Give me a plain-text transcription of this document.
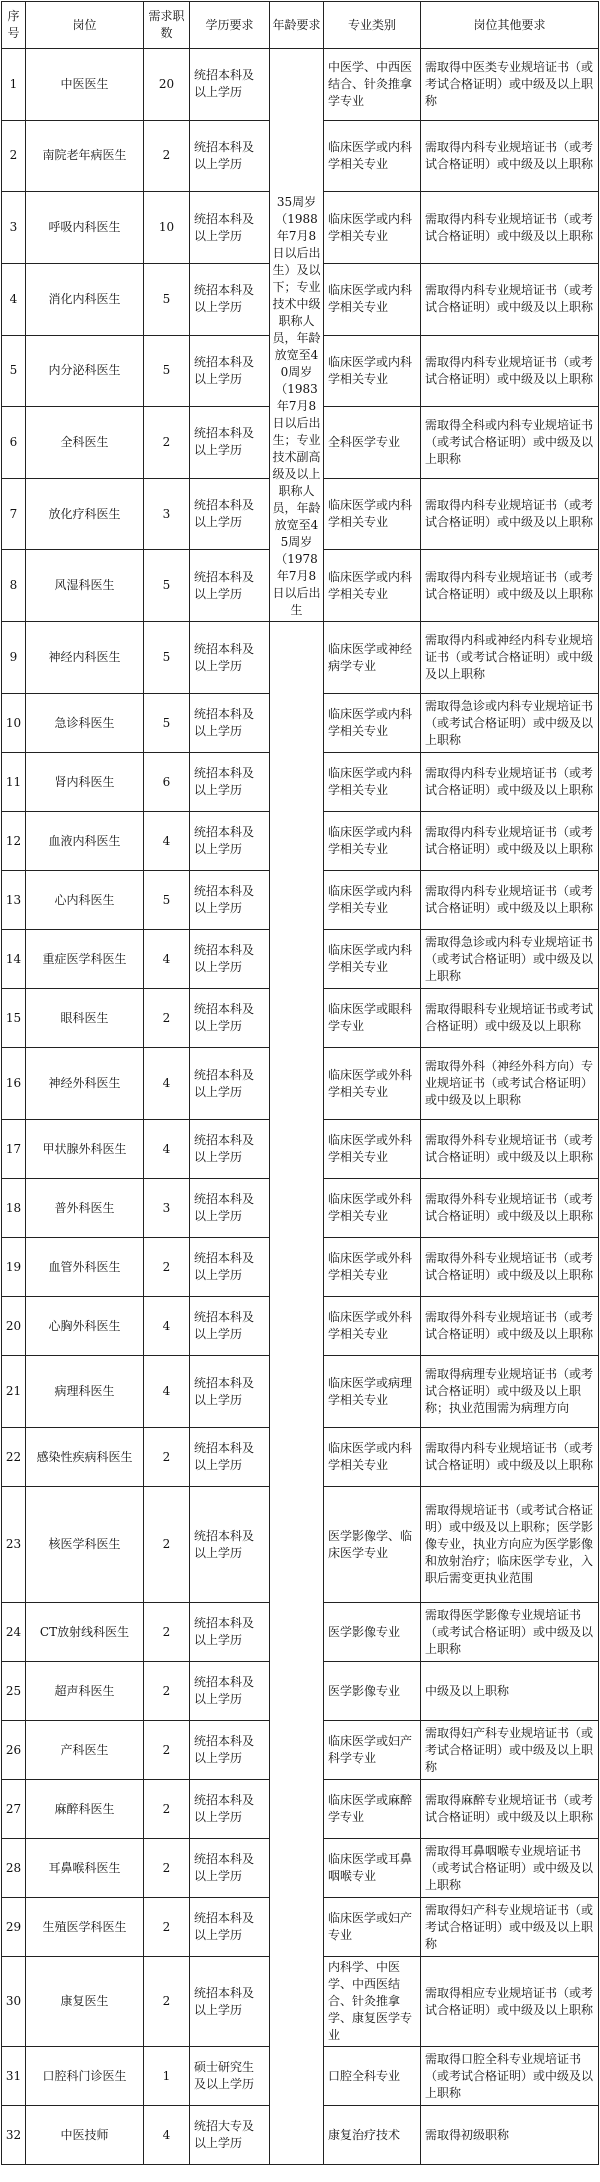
序号	岗位	需求职数	学历要求	年龄要求	专业类别	岗位其他要求
1	中医医生	20	统招本科及以上学历	35周岁（1988年7月8日以后出生）及以下；专业技术中级职称人员，年龄放宽至40周岁（1983年7月8日以后出生；专业技术副高级及以上职称人员，年龄放宽至45周岁（1978年7月8日以后出生	中医学、中西医结合、针灸推拿学专业	需取得中医类专业规培证书（或考试合格证明）或中级及以上职称
2	南院老年病医生	2	统招本科及以上学历		临床医学或内科学相关专业	需取得内科专业规培证书（或考试合格证明）或中级及以上职称
3	呼吸内科医生	10	统招本科及以上学历		临床医学或内科学相关专业	需取得内科专业规培证书（或考试合格证明）或中级及以上职称
4	消化内科医生	5	统招本科及以上学历		临床医学或内科学相关专业	需取得内科专业规培证书（或考试合格证明）或中级及以上职称
5	内分泌科医生	5	统招本科及以上学历		临床医学或内科学相关专业	需取得内科专业规培证书（或考试合格证明）或中级及以上职称
6	全科医生	2	统招本科及以上学历		全科医学专业	需取得全科或内科专业规培证书（或考试合格证明）或中级及以上职称
7	放化疗科医生	3	统招本科及以上学历		临床医学或内科学相关专业	需取得内科专业规培证书（或考试合格证明）或中级及以上职称
8	风湿科医生	5	统招本科及以上学历		临床医学或内科学相关专业	需取得内科专业规培证书（或考试合格证明）或中级及以上职称
9	神经内科医生	5	统招本科及以上学历		临床医学或神经病学专业	需取得内科或神经内科专业规培证书（或考试合格证明）或中级及以上职称
10	急诊科医生	5	统招本科及以上学历		临床医学或内科学相关专业	需取得急诊或内科专业规培证书（或考试合格证明）或中级及以上职称
11	肾内科医生	6	统招本科及以上学历		临床医学或内科学相关专业	需取得内科专业规培证书（或考试合格证明）或中级及以上职称
12	血液内科医生	4	统招本科及以上学历		临床医学或内科学相关专业	需取得内科专业规培证书（或考试合格证明）或中级及以上职称
13	心内科医生	5	统招本科及以上学历		临床医学或内科学相关专业	需取得内科专业规培证书（或考试合格证明）或中级及以上职称
14	重症医学科医生	4	统招本科及以上学历		临床医学或内科学相关专业	需取得急诊或内科专业规培证书（或考试合格证明）或中级及以上职称
15	眼科医生	2	统招本科及以上学历		临床医学或眼科学专业	需取得眼科专业规培证书或考试合格证明）或中级及以上职称
16	神经外科医生	4	统招本科及以上学历		临床医学或外科学相关专业	需取得外科（神经外科方向）专业规培证书（或考试合格证明）或中级及以上职称
17	甲状腺外科医生	4	统招本科及以上学历		临床医学或外科学相关专业	需取得外科专业规培证书（或考试合格证明）或中级及以上职称
18	普外科医生	3	统招本科及以上学历		临床医学或外科学相关专业	需取得外科专业规培证书（或考试合格证明）或中级及以上职称
19	血管外科医生	2	统招本科及以上学历		临床医学或外科学相关专业	需取得外科专业规培证书（或考试合格证明）或中级及以上职称
20	心胸外科医生	4	统招本科及以上学历		临床医学或外科学相关专业	需取得外科专业规培证书（或考试合格证明）或中级及以上职称
21	病理科医生	4	统招本科及以上学历		临床医学或病理学相关专业	需取得病理专业规培证书（或考试合格证明）或中级及以上职称；执业范围需为病理方向
22	感染性疾病科医生	2	统招本科及以上学历		临床医学或内科学相关专业	需取得内科专业规培证书（或考试合格证明）或中级及以上职称
23	核医学科医生	2	统招本科及以上学历		医学影像学、临床医学专业	需取得规培证书（或考试合格证明）或中级及以上职称；医学影像专业，执业方向应为医学影像和放射治疗；临床医学专业，入职后需变更执业范围
24	CT放射线科医生	2	统招本科及以上学历		医学影像专业	需取得医学影像专业规培证书（或考试合格证明）或中级及以上职称
25	超声科医生	2	统招本科及以上学历		医学影像专业	中级及以上职称
26	产科医生	2	统招本科及以上学历		临床医学或妇产科学专业	需取得妇产科专业规培证书（或考试合格证明）或中级及以上职称
27	麻醉科医生	2	统招本科及以上学历		临床医学或麻醉学专业	需取得麻醉专业规培证书（或考试合格证明）或中级及以上职称
28	耳鼻喉科医生	2	统招本科及以上学历		临床医学或耳鼻咽喉专业	需取得耳鼻咽喉专业规培证书（或考试合格证明）或中级及以上职称
29	生殖医学科医生	2	统招本科及以上学历		临床医学或妇产专业	需取得妇产科专业规培证书（或考试合格证明）或中级及以上职称
30	康复医生	2	统招本科及以上学历		内科学、中医学、中西医结合、针灸推拿学、康复医学专业	需取得相应专业规培证书（或考试合格证明）或中级及以上职称
31	口腔科门诊医生	1	硕士研究生及以上学历		口腔全科专业	需取得口腔全科专业规培证书（或考试合格证明）或中级及以上职称
32	中医技师	4	统招大专及以上学历		康复治疗技术	需取得初级职称
